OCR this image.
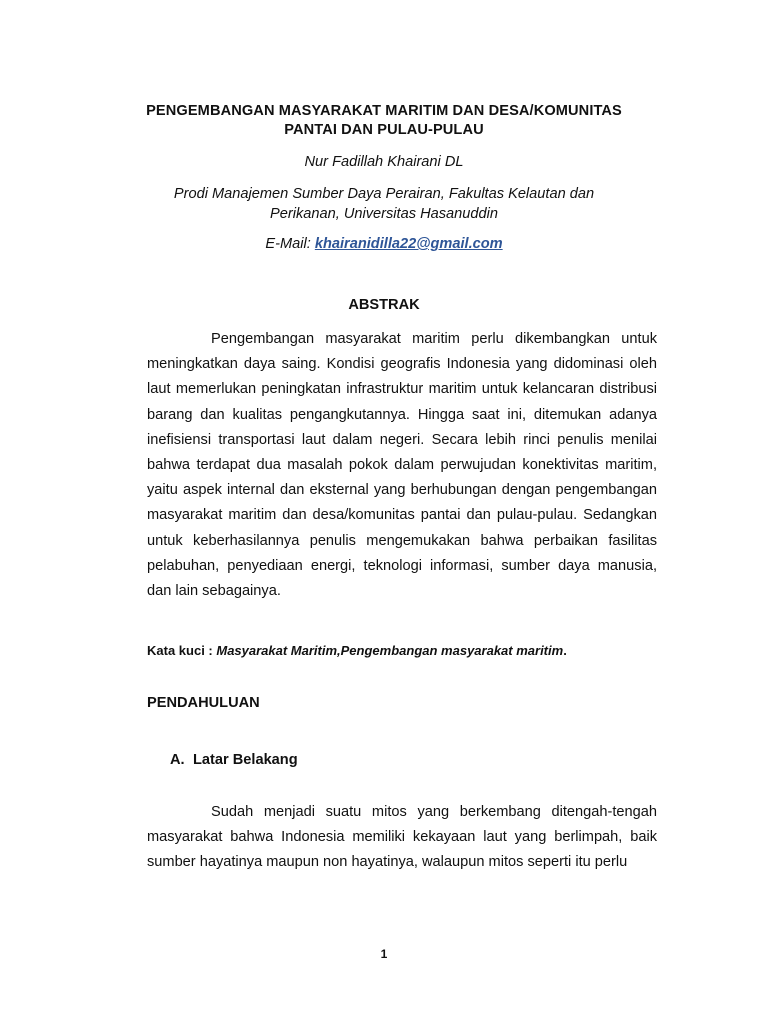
PENGEMBANGAN MASYARAKAT MARITIM DAN DESA/KOMUNITAS
PANTAI DAN PULAU-PULAU
Nur Fadillah Khairani DL
Prodi Manajemen Sumber Daya Perairan, Fakultas Kelautan dan
Perikanan, Universitas Hasanuddin
E-Mail: khairanidilla22@gmail.com
ABSTRAK

Pengembangan masyarakat maritim perlu dikembangkan untuk meningkatkan daya saing. Kondisi geografis Indonesia yang didominasi oleh laut memerlukan peningkatan infrastruktur maritim untuk kelancaran distribusi barang dan kualitas pengangkutannya. Hingga saat ini, ditemukan adanya inefisiensi transportasi laut dalam negeri. Secara lebih rinci penulis menilai bahwa terdapat dua masalah pokok dalam perwujudan konektivitas maritim, yaitu aspek internal dan eksternal yang berhubungan dengan pengembangan masyarakat maritim dan desa/komunitas pantai dan pulau-pulau. Sedangkan untuk keberhasilannya penulis mengemukakan bahwa perbaikan fasilitas pelabuhan, penyediaan energi, teknologi informasi, sumber daya manusia, dan lain sebagainya.

Kata kuci : Masyarakat Maritim,Pengembangan masyarakat maritim.
PENDAHULUAN
A. Latar Belakang

Sudah menjadi suatu mitos yang berkembang ditengah-tengah masyarakat bahwa Indonesia memiliki kekayaan laut yang berlimpah, baik sumber hayatinya maupun non hayatinya, walaupun mitos seperti itu perlu

1
